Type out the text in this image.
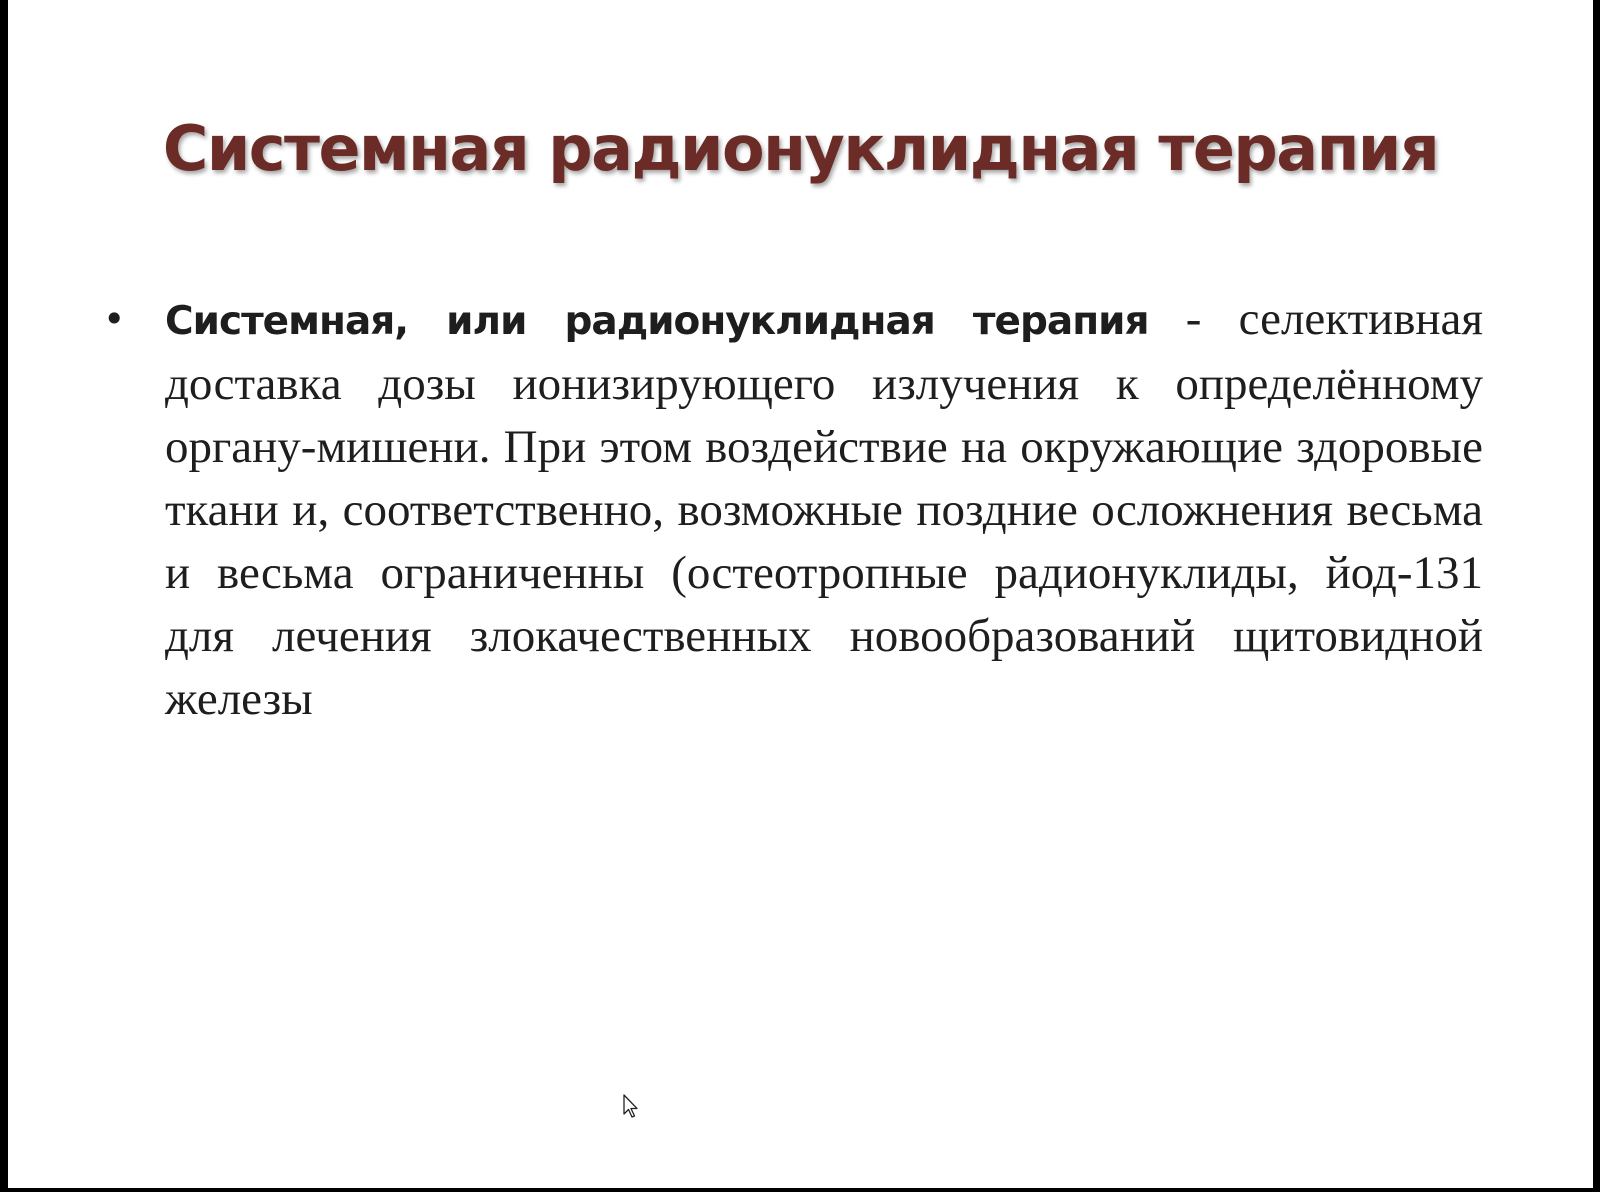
Системная радионуклидная терапия
• Системная, или радионуклидная терапия - селективная доставка дозы ионизирующего излучения к определённому органу-мишени. При этом воздействие на окружающие здоровые ткани и, соответственно, возможные поздние осложнения весьма и весьма ограниченны (остеотропные радионуклиды, йод-131 для лечения злокачественных новообразований щитовидной железы
